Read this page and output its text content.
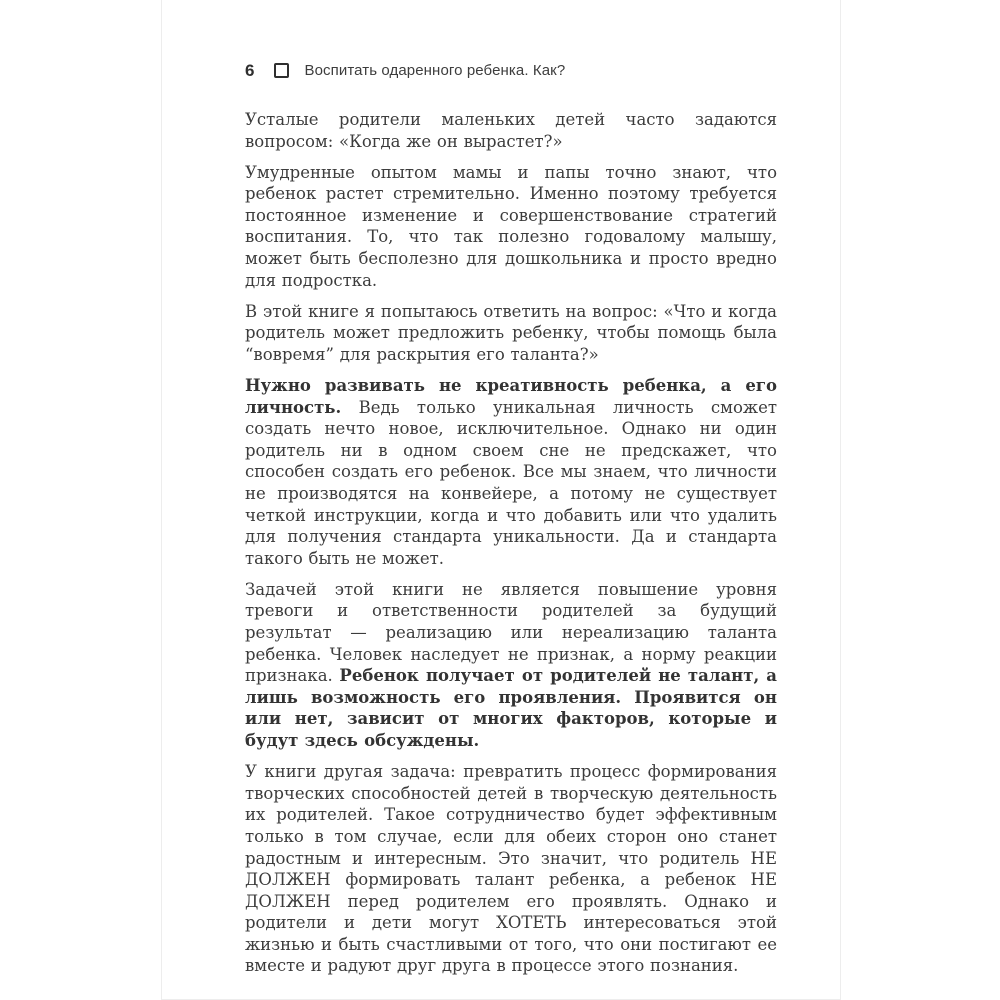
6	Воспитать одаренного ребенка. Как?

Усталые родители маленьких детей часто задаются вопросом: «Когда же он вырастет?»

Умудренные опытом мамы и папы точно знают, что ребенок растет стремительно. Именно поэтому требуется постоянное изменение и совершенствование стратегий воспитания. То, что так полезно годовалому малышу, может быть бесполезно для дошкольника и просто вредно для подростка.

В этой книге я попытаюсь ответить на вопрос: «Что и когда родитель может предложить ребенку, чтобы помощь была “вовремя” для раскрытия его таланта?»

Нужно развивать не креативность ребенка, а его личность. Ведь только уникальная личность сможет создать нечто новое, исключительное. Однако ни один родитель ни в одном своем сне не предскажет, что способен создать его ребенок. Все мы знаем, что личности не производятся на конвейере, а потому не существует четкой инструкции, когда и что добавить или что удалить для получения стандарта уникальности. Да и стандарта такого быть не может.

Задачей этой книги не является повышение уровня тревоги и ответственности родителей за будущий результат — реализацию или нереализацию таланта ребенка. Человек наследует не признак, а норму реакции признака. Ребенок получает от родителей не талант, а лишь возможность его проявления. Проявится он или нет, зависит от многих факторов, которые и будут здесь обсуждены.

У книги другая задача: превратить процесс формирования творческих способностей детей в творческую деятельность их родителей. Такое сотрудничество будет эффективным только в том случае, если для обеих сторон оно станет радостным и интересным. Это значит, что родитель НЕ ДОЛЖЕН формировать талант ребенка, а ребенок НЕ ДОЛЖЕН перед родителем его проявлять. Однако и родители и дети могут ХОТЕТЬ интересоваться этой жизнью и быть счастливыми от того, что они постигают ее вместе и радуют друг друга в процессе этого познания.
